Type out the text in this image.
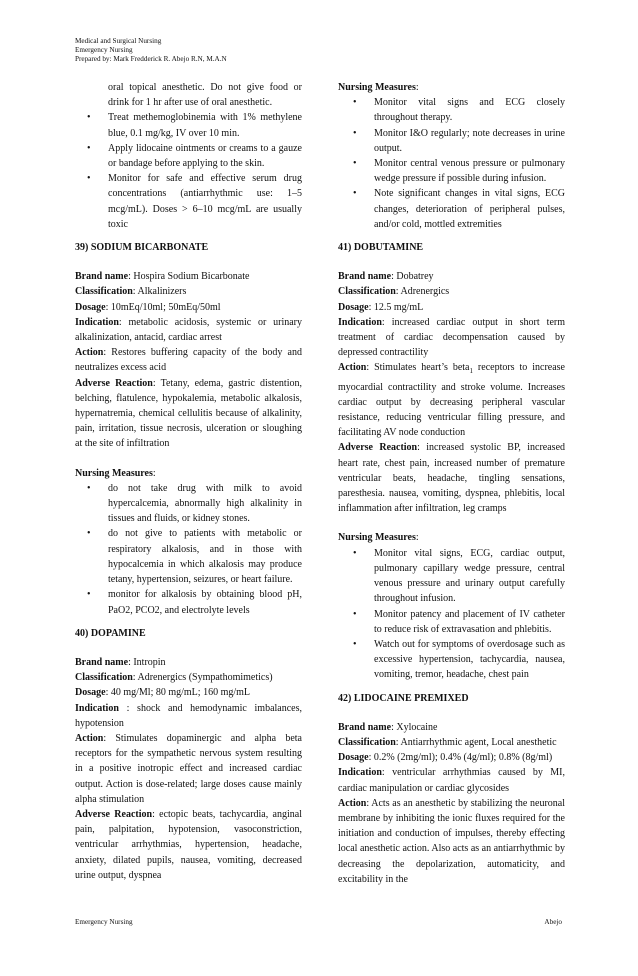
Medical and Surgical Nursing
Emergency Nursing
Prepared by: Mark Fredderick R. Abejo R.N, M.A.N
oral topical anesthetic. Do not give food or drink for 1 hr after use of oral anesthetic.
• Treat methemoglobinemia with 1% methylene blue, 0.1 mg/kg, IV over 10 min.
• Apply lidocaine ointments or creams to a gauze or bandage before applying to the skin.
• Monitor for safe and effective serum drug concentrations (antiarrhythmic use: 1–5 mcg/mL). Doses > 6–10 mcg/mL are usually toxic
39) SODIUM BICARBONATE

Brand name: Hospira Sodium Bicarbonate

Classification: Alkalinizers

Dosage: 10mEq/10ml; 50mEq/50ml

Indication: metabolic acidosis, systemic or urinary alkalinization, antacid, cardiac arrest

Action: Restores buffering capacity of the body and neutralizes excess acid

Adverse Reaction: Tetany, edema, gastric distention, belching, flatulence, hypokalemia, metabolic alkalosis, hypernatremia, chemical cellulitis because of alkalinity, pain, irritation, tissue necrosis, ulceration or sloughing at the site of infiltration

Nursing Measures:

• do not take drug with milk to avoid hypercalcemia, abnormally high alkalinity in tissues and fluids, or kidney stones.
• do not give to patients with metabolic or respiratory alkalosis, and in those with hypocalcemia in which alkalosis may produce tetany, hypertension, seizures, or heart failure.
• monitor for alkalosis by obtaining blood pH, PaO2, PCO2, and electrolyte levels
40) DOPAMINE

Brand name: Intropin

Classification: Adrenergics (Sympathomimetics)

Dosage: 40 mg/Ml; 80 mg/mL; 160 mg/mL

Indication : shock and hemodynamic imbalances, hypotension

Action: Stimulates dopaminergic and alpha beta receptors for the sympathetic nervous system resulting in a positive inotropic effect and increased cardiac output. Action is dose-related; large doses cause mainly alpha stimulation

Adverse Reaction: ectopic beats, tachycardia, anginal pain, palpitation, hypotension, vasoconstriction, ventricular arrhythmias, hypertension, headache, anxiety, dilated pupils, nausea, vomiting, decreased urine output, dyspnea

Nursing Measures:

• Monitor vital signs and ECG closely throughout therapy.
• Monitor I&O regularly; note decreases in urine output.
• Monitor central venous pressure or pulmonary wedge pressure if possible during infusion.
• Note significant changes in vital signs, ECG changes, deterioration of peripheral pulses, and/or cold, mottled extremities
41) DOBUTAMINE

Brand name: Dobatrey

Classification: Adrenergics

Dosage: 12.5 mg/mL

Indication: increased cardiac output in short term treatment of cardiac decompensation caused by depressed contractility

Action: Stimulates heart’s beta$_1$ receptors to increase myocardial contractility and stroke volume. Increases cardiac output by decreasing peripheral vascular resistance, reducing ventricular filling pressure, and facilitating AV node conduction

Adverse Reaction: increased systolic BP, increased heart rate, chest pain, increased number of premature ventricular beats, headache, tingling sensations, paresthesia. nausea, vomiting, dyspnea, phlebitis, local inflammation after infiltration, leg cramps

Nursing Measures:

• Monitor vital signs, ECG, cardiac output, pulmonary capillary wedge pressure, central venous pressure and urinary output carefully throughout infusion.
• Monitor patency and placement of IV catheter to reduce risk of extravasation and phlebitis.
• Watch out for symptoms of overdosage such as excessive hypertension, tachycardia, nausea, vomiting, tremor, headache, chest pain
42) LIDOCAINE PREMIXED

Brand name: Xylocaine

Classification: Antiarrhythmic agent, Local anesthetic

Dosage: 0.2% (2mg/ml); 0.4% (4g/ml); 0.8% (8g/ml)

Indication: ventricular arrhythmias caused by MI, cardiac manipulation or cardiac glycosides

Action: Acts as an anesthetic by stabilizing the neuronal membrane by inhibiting the ionic fluxes required for the initiation and conduction of impulses, thereby effecting local anesthetic action. Also acts as an antiarrhythmic by decreasing the depolarization, automaticity, and excitability in the

Emergency Nursing	Abejo
